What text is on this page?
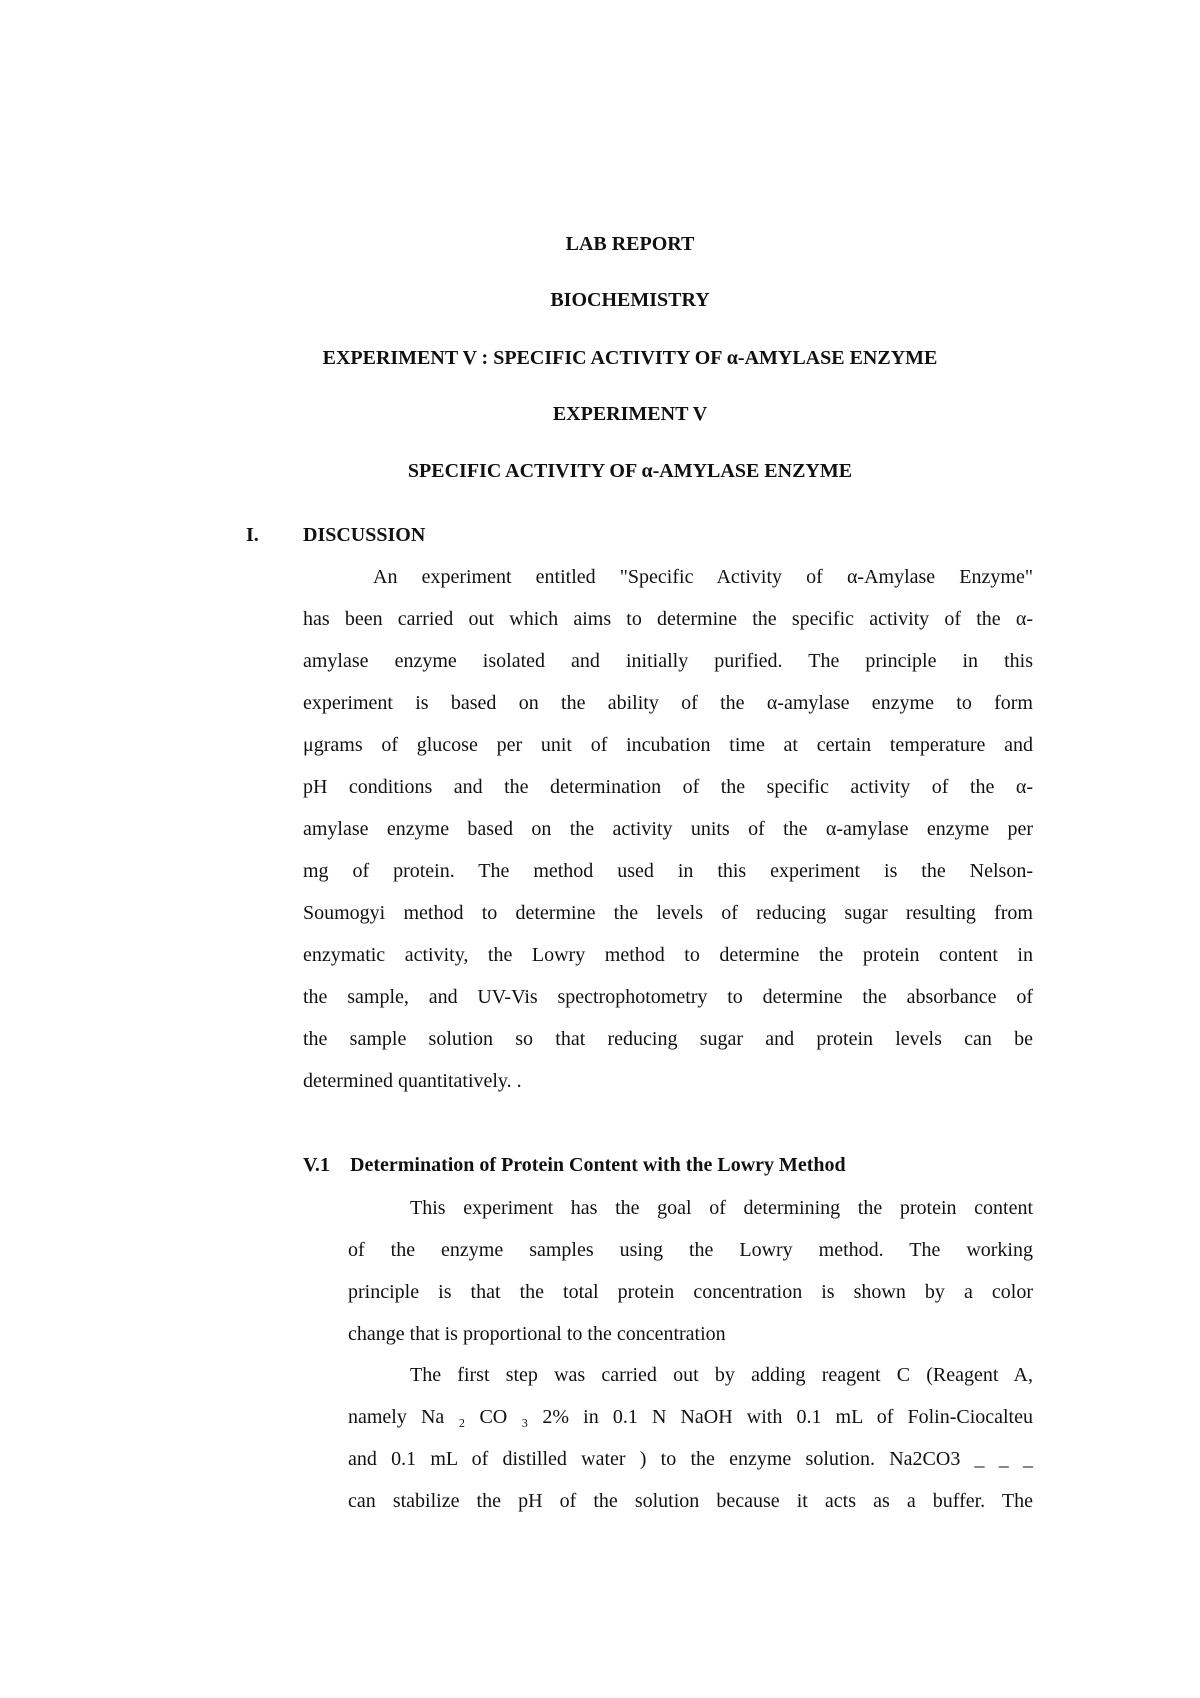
LAB REPORT
BIOCHEMISTRY
EXPERIMENT V : SPECIFIC ACTIVITY OF α-AMYLASE ENZYME
EXPERIMENT V
SPECIFIC ACTIVITY OF α-AMYLASE ENZYME
I. DISCUSSION
An experiment entitled "Specific Activity of α-Amylase Enzyme"
has been carried out which aims to determine the specific activity of the α-
amylase enzyme isolated and initially purified. The principle in this
experiment is based on the ability of the α-amylase enzyme to form
μgrams of glucose per unit of incubation time at certain temperature and
pH conditions and the determination of the specific activity of the α-
amylase enzyme based on the activity units of the α-amylase enzyme per
mg of protein. The method used in this experiment is the Nelson-
Soumogyi method to determine the levels of reducing sugar resulting from
enzymatic activity, the Lowry method to determine the protein content in
the sample, and UV-Vis spectrophotometry to determine the absorbance of
the sample solution so that reducing sugar and protein levels can be
determined quantitatively. .
V.1 Determination of Protein Content with the Lowry Method
This experiment has the goal of determining the protein content
of the enzyme samples using the Lowry method. The working
principle is that the total protein concentration is shown by a color
change that is proportional to the concentration
The first step was carried out by adding reagent C (Reagent A,
namely Na ₂ CO ₃ 2% in 0.1 N NaOH with 0.1 mL of Folin-Ciocalteu
and 0.1 mL of distilled water ) to the enzyme solution. Na2CO3 _ _ _
can stabilize the pH of the solution because it acts as a buffer. The
